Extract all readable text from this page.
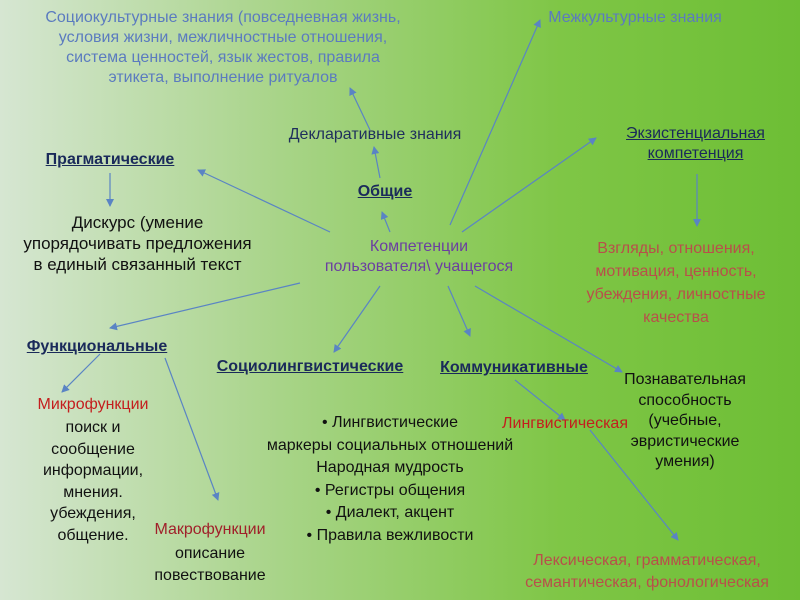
Социокультурные знания (повседневная жизнь,
условия жизни, межличностные отношения,
система ценностей, язык жестов, правила
этикета, выполнение ритуалов
Межкультурные знания
Декларативные знания	Экзистенциальная
компетенция
Прагматические
Общие
Дискурс (умение
упорядочивать предложения
в единый связанный текст
Компетенции
пользователя\ учащегося
Взгляды, отношения,
мотивация, ценность,
убеждения, личностные
качества
Функциональные
Социолингвистические	Коммуникативные
Познавательная
способность
(учебные,
эвристические
умения)
Микрофункции
поиск и
сообщение
информации,
мнения.
убеждения,
общение.	Макрофункции
описание
повествование
• Лингвистические
маркеры социальных отношений
Народная мудрость
• Регистры общения
• Диалект, акцент
• Правила вежливости
Лингвистическая
Лексическая, грамматическая,
семантическая, фонологическая
